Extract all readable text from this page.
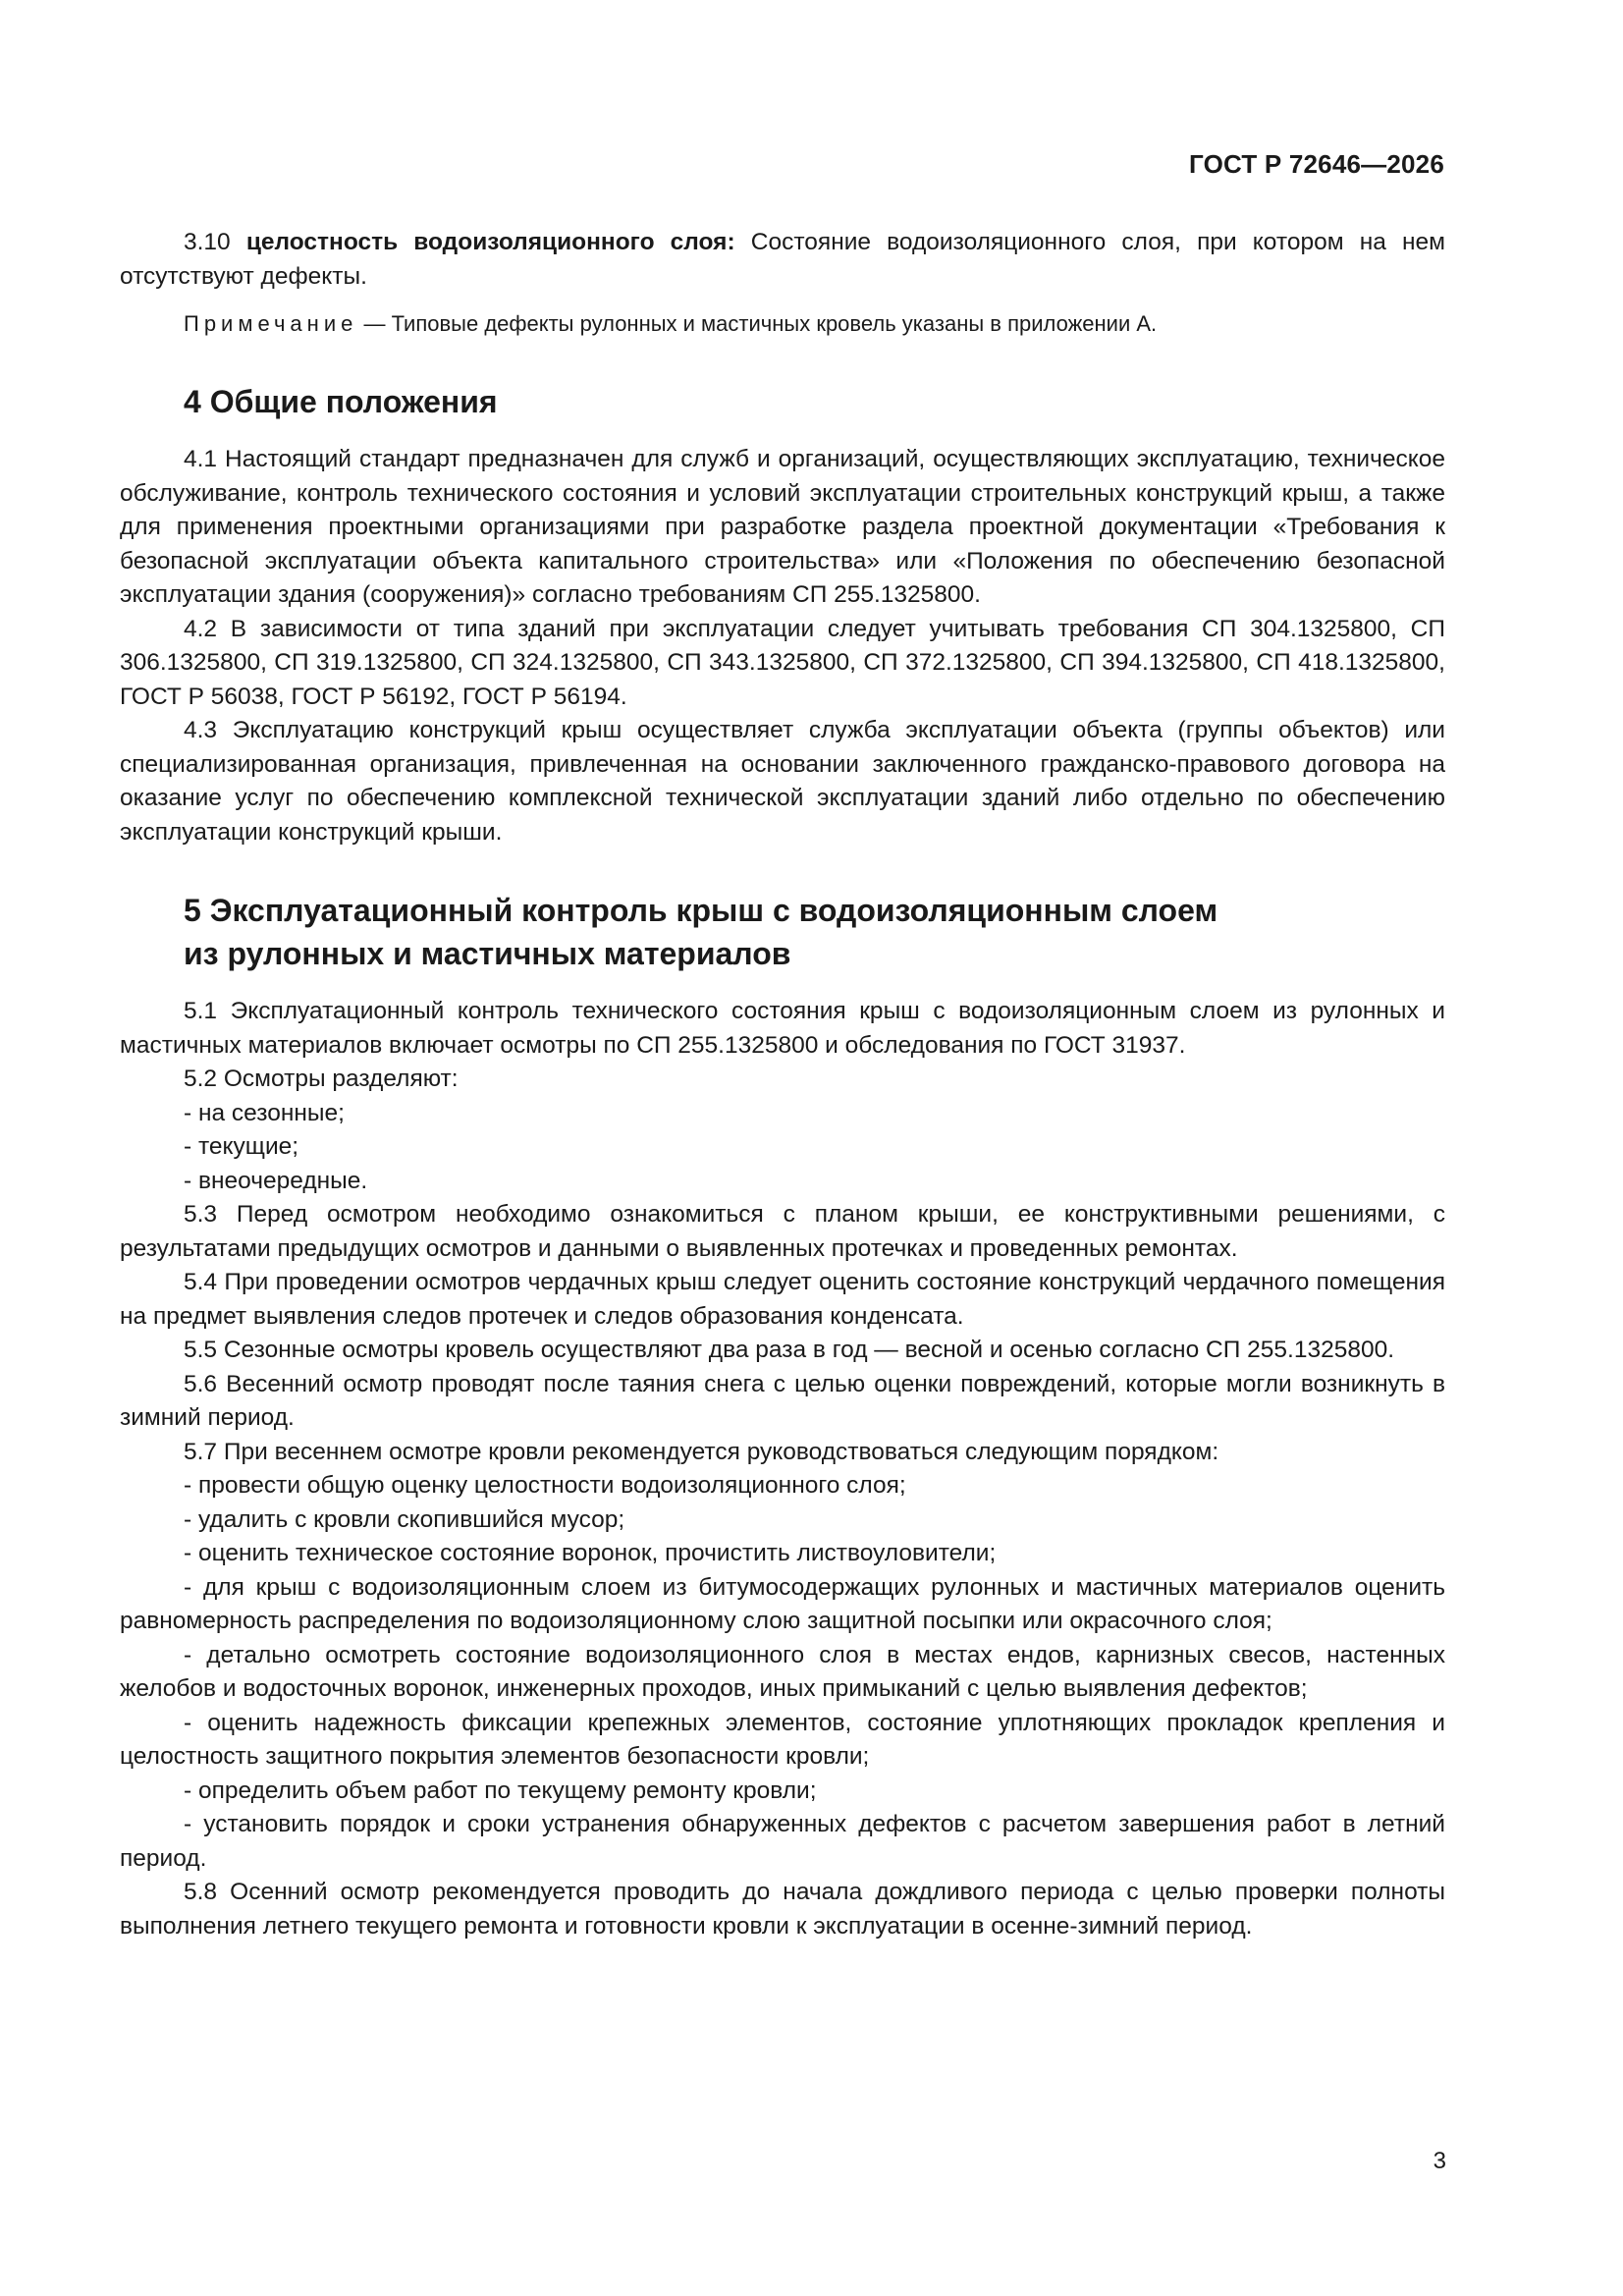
ГОСТ Р 72646—2026

3.10 целостность водоизоляционного слоя: Состояние водоизоляционного слоя, при котором на нем отсутствуют дефекты.

Примечание — Типовые дефекты рулонных и мастичных кровель указаны в приложении А.

4 Общие положения

4.1 Настоящий стандарт предназначен для служб и организаций, осуществляющих эксплуатацию, техническое обслуживание, контроль технического состояния и условий эксплуатации строительных конструкций крыш, а также для применения проектными организациями при разработке раздела проектной документации «Требования к безопасной эксплуатации объекта капитального строительства» или «Положения по обеспечению безопасной эксплуатации здания (сооружения)» согласно требованиям СП 255.1325800.

4.2 В зависимости от типа зданий при эксплуатации следует учитывать требования СП 304.1325800, СП 306.1325800, СП 319.1325800, СП 324.1325800, СП 343.1325800, СП 372.1325800, СП 394.1325800, СП 418.1325800, ГОСТ Р 56038, ГОСТ Р 56192, ГОСТ Р 56194.

4.3 Эксплуатацию конструкций крыш осуществляет служба эксплуатации объекта (группы объектов) или специализированная организация, привлеченная на основании заключенного гражданско-правового договора на оказание услуг по обеспечению комплексной технической эксплуатации зданий либо отдельно по обеспечению эксплуатации конструкций крыши.

5 Эксплуатационный контроль крыш с водоизоляционным слоем
из рулонных и мастичных материалов

5.1 Эксплуатационный контроль технического состояния крыш с водоизоляционным слоем из рулонных и мастичных материалов включает осмотры по СП 255.1325800 и обследования по ГОСТ 31937.

5.2 Осмотры разделяют:

- на сезонные;

- текущие;

- внеочередные.

5.3 Перед осмотром необходимо ознакомиться с планом крыши, ее конструктивными решениями, с результатами предыдущих осмотров и данными о выявленных протечках и проведенных ремонтах.

5.4 При проведении осмотров чердачных крыш следует оценить состояние конструкций чердачного помещения на предмет выявления следов протечек и следов образования конденсата.

5.5 Сезонные осмотры кровель осуществляют два раза в год — весной и осенью согласно СП 255.1325800.

5.6 Весенний осмотр проводят после таяния снега с целью оценки повреждений, которые могли возникнуть в зимний период.

5.7 При весеннем осмотре кровли рекомендуется руководствоваться следующим порядком:

- провести общую оценку целостности водоизоляционного слоя;

- удалить с кровли скопившийся мусор;

- оценить техническое состояние воронок, прочистить листвоуловители;

- для крыш с водоизоляционным слоем из битумосодержащих рулонных и мастичных материалов оценить равномерность распределения по водоизоляционному слою защитной посыпки или окрасочного слоя;

- детально осмотреть состояние водоизоляционного слоя в местах ендов, карнизных свесов, настенных желобов и водосточных воронок, инженерных проходов, иных примыканий с целью выявления дефектов;

- оценить надежность фиксации крепежных элементов, состояние уплотняющих прокладок крепления и целостность защитного покрытия элементов безопасности кровли;

- определить объем работ по текущему ремонту кровли;

- установить порядок и сроки устранения обнаруженных дефектов с расчетом завершения работ в летний период.

5.8 Осенний осмотр рекомендуется проводить до начала дождливого периода с целью проверки полноты выполнения летнего текущего ремонта и готовности кровли к эксплуатации в осенне-зимний период.

3
